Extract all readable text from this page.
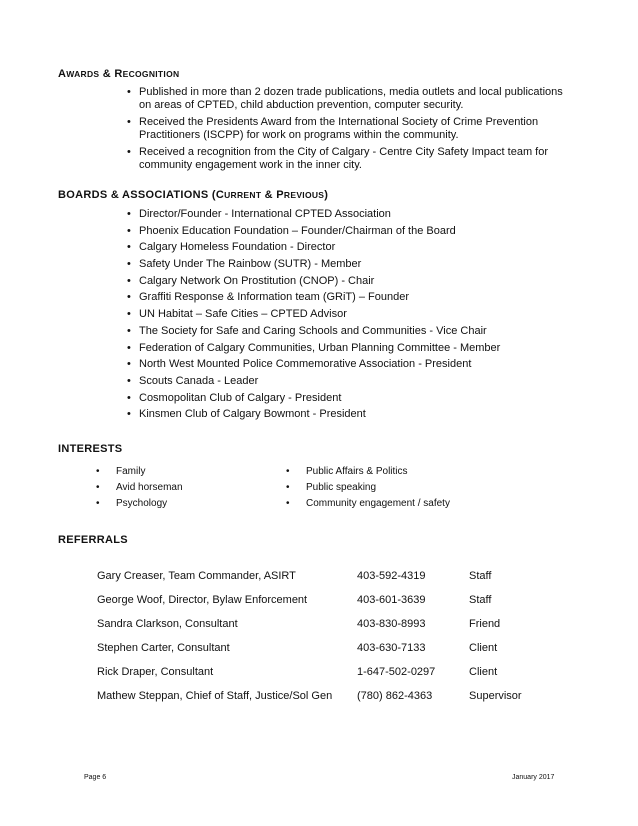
AWARDS & RECOGNITION
• Published in more than 2 dozen trade publications, media outlets and local publications on areas of CPTED, child abduction prevention, computer security.
• Received the Presidents Award from the International Society of Crime Prevention Practitioners (ISCPP) for work on programs within the community.
• Received a recognition from the City of Calgary - Centre City Safety Impact team for community engagement work in the inner city.
BOARDS & ASSOCIATIONS (CURRENT & PREVIOUS)
• Director/Founder - International CPTED Association
• Phoenix Education Foundation – Founder/Chairman of the Board
• Calgary Homeless Foundation - Director
• Safety Under The Rainbow (SUTR) - Member
• Calgary Network On Prostitution (CNOP) - Chair
• Graffiti Response & Information team (GRiT) – Founder
• UN Habitat – Safe Cities – CPTED Advisor
• The Society for Safe and Caring Schools and Communities - Vice Chair
• Federation of Calgary Communities, Urban Planning Committee - Member
• North West Mounted Police Commemorative Association - President
• Scouts Canada - Leader
• Cosmopolitan Club of Calgary - President
• Kinsmen Club of Calgary Bowmont - President
INTERESTS
• Family
• Avid horseman
• Psychology
• Public Affairs & Politics
• Public speaking
• Community engagement / safety
REFERRALS
Gary Creaser, Team Commander, ASIRT	403-592-4319	Staff
George Woof, Director, Bylaw Enforcement	403-601-3639	Staff
Sandra Clarkson, Consultant	403-830-8993	Friend
Stephen Carter, Consultant	403-630-7133	Client
Rick Draper, Consultant	1-647-502-0297	Client
Mathew Steppan, Chief of Staff, Justice/Sol Gen (780) 862-4363	Supervisor
Page 6	January 2017
